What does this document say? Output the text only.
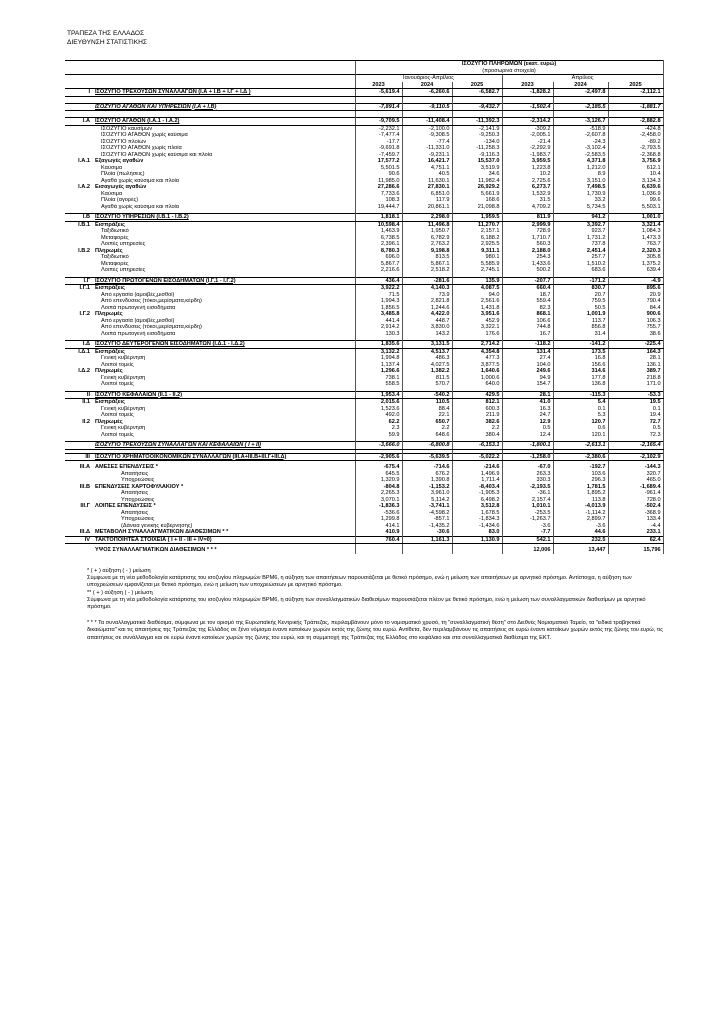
ΤΡΑΠΕΖΑ ΤΗΣ ΕΛΛΑΔΟΣ
ΔΙΕΥΘΥΝΣΗ ΣΤΑΤΙΣΤΙΚΗΣ
		ΙΣΟΖΥΓΙΟ ΠΛΗΡΩΜΩΝ (εκατ. ευρώ)					
		(προσωρινά στοιχεία)					
		Ιανουάριος-Απρίλιος			Απρίλιος		
		2023	2024	2025	2023	2024	2025
I	ΙΣΟΖΥΓΙΟ ΤΡΕΧΟΥΣΩΝ ΣΥΝΑΛΛΑΓΩΝ (Ι.Α + Ι.Β + Ι.Γ + Ι.Δ )	-5,619.4	-6,260.6	-6,582.7	-1,828.2	-2,497.8	-2,112.1

	ΙΣΟΖΥΓΙΟ ΑΓΑΘΩΝ ΚΑΙ ΥΠΗΡΕΣΙΩΝ (Ι.Α + Ι.Β)	-7,891.4	-9,110.5	-9,432.7	-1,502.4	-2,185.5	-1,881.7

I.A	ΙΣΟΖΥΓΙΟ ΑΓΑΘΩΝ (Ι.Α.1 - Ι.Α.2)	-9,709.5	-11,408.4	-11,392.3	-2,314.2	-3,126.7	-2,882.8
	ΙΣΟΖΥΓΙΟ καυσίμων	-2,232.1	-2,100.0	-2,141.9	-309.2	-518.9	-424.8
	ΙΣΟΖΥΓΙΟ ΑΓΑΘΩΝ χωρίς καύσιμα	-7,477.4	-9,308.5	-9,250.3	-2,005.1	-2,607.8	-2,458.0
	ΙΣΟΖΥΓΙΟ πλοίων	-17.7	-77.4	-134.0	-21.4	-24.3	-89.2
	ΙΣΟΖΥΓΙΟ ΑΓΑΘΩΝ χωρίς πλοία	-9,691.8	-11,331.0	-11,258.3	-2,292.9	-3,102.4	-2,793.5
	ΙΣΟΖΥΓΙΟ ΑΓΑΘΩΝ χωρίς καύσιμα και πλοία	-7,459.7	-9,231.1	-9,116.3	-1,983.7	-2,583.5	-2,368.8
I.A.1	Εξαγωγές αγαθών	17,577.2	16,421.7	15,537.0	3,959.5	4,371.8	3,756.9
	Καύσιμα	5,501.5	4,751.1	3,519.9	1,223.8	1,212.0	612.1
	Πλοία (πωλήσεις)	90.6	40.5	34.6	10.2	8.9	10.4
	Αγαθά χωρίς καύσιμα και πλοία	11,985.0	11,630.1	11,982.4	2,725.6	3,151.0	3,134.3
I.A.2	Εισαγωγές αγαθών	27,286.6	27,830.1	26,929.2	6,273.7	7,498.5	6,639.6
	Καύσιμα	7,733.6	6,851.0	5,661.9	1,532.9	1,730.9	1,036.9
	Πλοία (αγορές)	108.3	117.9	168.6	31.5	33.2	99.6
	Αγαθά χωρίς καύσιμα και πλοία	19,444.7	20,861.1	21,098.8	4,709.2	5,734.5	5,503.1

I.B	ΙΣΟΖΥΓΙΟ ΥΠΗΡΕΣΙΩΝ (Ι.Β.1 - Ι.Β.2)	1,818.1	2,298.0	1,959.5	811.9	941.2	1,001.0
I.B.1	Εισπράξεις	10,598.4	11,496.8	11,270.7	2,999.9	3,392.7	3,321.4
	Ταξιδιωτικό	1,463.9	1,950.7	2,157.1	728.9	923.7	1,084.3
	Μεταφορές	6,738.5	6,782.9	6,188.2	1,710.7	1,731.2	1,473.3
	Λοιπές υπηρεσίες	2,396.1	2,763.2	2,925.5	560.3	737.8	763.7
I.B.2	Πληρωμές	8,780.3	9,198.8	9,311.1	2,188.0	2,451.4	2,320.3
	Ταξιδιωτικό	696.0	813.5	980.1	254.3	257.7	305.8
	Μεταφορές	5,867.7	5,867.1	5,585.9	1,433.6	1,510.2	1,375.2
	Λοιπές υπηρεσίες	2,216.6	2,518.2	2,745.1	500.2	683.6	639.4

Ι.Γ	ΙΣΟΖΥΓΙΟ ΠΡΩΤΟΓΕΝΩΝ ΕΙΣΟΔΗΜΑΤΩΝ (Ι.Γ.1 - Ι.Γ.2)	436.4	-281.6	135.9	-207.7	-171.2	-4.9
Ι.Γ.1	Εισπράξεις	3,922.2	4,140.3	4,087.5	660.4	830.7	895.6
	Από εργασία (αμοιβές,μισθοί)	71.5	73.9	94.0	18.7	20.7	20.9
	Από επενδύσεις (τόκοι,μερίσματα,κέρδη)	1,994.3	2,821.8	2,561.6	559.4	759.5	790.4
	Λοιπά πρωτογενή εισοδήματα	1,856.5	1,244.6	1,431.8	82.3	50.5	84.4
Ι.Γ.2	Πληρωμές	3,485.8	4,422.0	3,951.6	868.1	1,001.9	900.6
	Από εργασία (αμοιβές,μισθοί)	441.4	448.7	452.9	106.6	113.7	106.3
	Από επενδύσεις (τόκοι,μερίσματα,κέρδη)	2,914.2	3,830.0	3,322.1	744.8	856.8	755.7
	Λοιπά πρωτογενή εισοδήματα	130.3	143.2	176.6	16.7	31.4	38.6

Ι.Δ	ΙΣΟΖΥΓΙΟ ΔΕΥΤΕΡΟΓΕΝΩΝ ΕΙΣΟΔΗΜΑΤΩΝ (Ι.Δ.1 - Ι.Δ.2)	1,835.6	3,131.5	2,714.2	-118.2	-141.2	-225.4
Ι.Δ.1	Εισπράξεις	3,132.2	4,513.7	4,354.8	131.4	173.5	164.3
	Γενική κυβέρνηση	1,994.8	486.3	477.3	27.4	16.8	28.1
	Λοιποί τομείς	1,137.4	4,027.5	3,877.5	104.0	156.6	136.1
Ι.Δ.2	Πληρωμές	1,296.6	1,382.2	1,640.6	249.6	314.6	389.7
	Γενική κυβέρνηση	738.1	811.5	1,000.6	94.9	177.8	218.8
	Λοιποί τομείς	558.5	570.7	640.0	154.7	136.8	171.0

II	ΙΣΟΖΥΓΙΟ ΚΕΦΑΛΑΙΩΝ (ΙΙ.1 - ΙΙ.2)	1,953.4	-540.2	429.5	28.1	-115.3	-53.3
II.1	Εισπράξεις	2,015.6	110.5	812.1	41.0	5.4	19.5
	Γενική κυβέρνηση	1,523.6	88.4	600.3	16.3	0.1	0.1
	Λοιποί τομείς	492.0	22.1	211.9	24.7	5.3	19.4
II.2	Πληρωμές	62.2	650.7	382.6	12.9	120.7	72.7
	Γενική κυβέρνηση	2.3	2.2	2.2	0.5	0.6	0.5
	Λοιποί τομείς	59.9	648.6	380.4	12.4	120.1	72.3

	ΙΣΟΖΥΓΙΟ ΤΡΕΧΟΥΣΩΝ ΣΥΝΑΛΛΑΓΩΝ ΚΑΙ ΚΕΦΑΛΑΙΩΝ ( Ι + ΙΙ)	-3,666.0	-6,800.8	-6,153.1	-1,800.1	-2,613.1	-2,165.4

III	ΙΣΟΖΥΓΙΟ ΧΡΗΜΑΤΟΟΙΚΟΝΟΜΙΚΩΝ ΣΥΝΑΛΛΑΓΩΝ (ΙΙΙ.Α+ΙΙΙ.Β+ΙΙΙ.Γ+ΙΙΙ.Δ)	-2,905.6	-5,639.5	-5,022.2	-1,258.0	-2,380.6	-2,102.9

III.A	ΑΜΕΣΕΣ ΕΠΕΝΔΥΣΕΙΣ *	-675.4	-714.6	-214.6	-67.0	-192.7	-144.3
	Απαιτήσεις	645.5	676.2	1,496.9	263.3	103.6	320.7
	Υποχρεώσεις	1,320.9	1,390.8	1,711.4	330.3	296.3	465.0
III.B	ΕΠΕΝΔΥΣΕΙΣ ΧΑΡΤΟΦΥΛΑΚΙΟΥ *	-804.8	-1,153.2	-8,403.4	-2,193.5	1,781.5	-1,689.4
	Απαιτήσεις	2,265.3	3,961.0	-1,905.3	-36.1	1,895.2	-961.4
	Υποχρεώσεις	3,070.1	5,114.2	6,498.2	2,157.4	113.8	728.0
III.Γ	ΛΟΙΠΕΣ ΕΠΕΝΔΥΣΕΙΣ *	-1,836.3	-3,741.1	3,512.8	1,010.1	-4,013.9	-502.4
	Απαιτήσεις	-536.6	-4,598.2	1,678.5	-253.5	-1,114.2	-368.9
	Υποχρεώσεις	1,299.8	-857.1	-1,834.3	-1,263.7	2,899.7	133.4
	(Δάνεια γενικής κυβέρνησης)	414.1	-1,435.2	-1,434.6	-3.6	-3.6	-4.4
III.Δ	ΜΕΤΑΒΟΛΗ ΣΥΝΑΛΛΑΓΜΑΤΙΚΩΝ ΔΙΑΘΕΣΙΜΩΝ * *	410.9	-30.6	83.0	-7.7	44.6	233.1
IV	ΤΑΚΤΟΠΟΙΗΤΕΑ ΣΤΟΙΧΕΙΑ ( Ι + ΙΙ - ΙΙΙ + ΙV=0)	760.4	1,161.3	1,130.9	542.1	232.5	62.4

	ΥΨΟΣ ΣΥΝΑΛΛΑΓΜΑΤΙΚΩΝ ΔΙΑΘΕΣΙΜΩΝ * * *				12,006	13,447	15,796

* ( + ) αύξηση ( - ) μείωση

Σύμφωνα με τη νέα μεθοδολογία κατάρτισης του ισοζυγίου πληρωμών BPM6, η αύξηση των απαιτήσεων παρουσιάζεται με θετικό πρόσημο, ενώ η μείωση των απαιτήσεων με αρνητικό πρόσημο. Αντίστοιχα, η αύξηση των υποχρεώσεων εμφανίζεται με θετικό πρόσημο, ενώ η μείωση των υποχρεώσεων με αρνητικό πρόσημο.

** ( + ) αύξηση ( - ) μείωση

Σύμφωνα με τη νέα μεθοδολογία κατάρτισης του ισοζυγίου πληρωμών BPM6, η αύξηση των συναλλαγματικών διαθεσίμων παρουσιάζεται πλέον με θετικό πρόσημο, ενώ η μείωση των συναλλαγματικών διαθεσίμων με αρνητικό πρόσημο.

* * * Τα συναλλαγματικά διαθέσιμα, σύμφωνα με τον ορισμό της Ευρωπαϊκής Κεντρικής Τράπεζας, περιλαμβάνουν μόνο το νομισματικό χρυσό, τη "συναλλαγματική θέση" στο Διεθνές Νομισματικό Ταμείο, τα "ειδικά τραβηκτικά δικαιώματα" και τις απαιτήσεις της Τράπεζας της Ελλάδος σε ξένο νόμισμα έναντι κατοίκων χωρών εκτός της ζώνης του ευρώ. Αντίθετα, δεν περιλαμβάνουν τις απαιτήσεις σε ευρώ έναντι κατοίκων χωρών εκτός της ζώνης του ευρώ, τις απαιτήσεις σε συνάλλαγμα και σε ευρώ έναντι κατοίκων χωρών της ζώνης του ευρώ, και τη συμμετοχή της Τράπεζας της Ελλάδος στο κεφάλαιο και στα συναλλαγματικά διαθέσιμα της ΕΚΤ.
